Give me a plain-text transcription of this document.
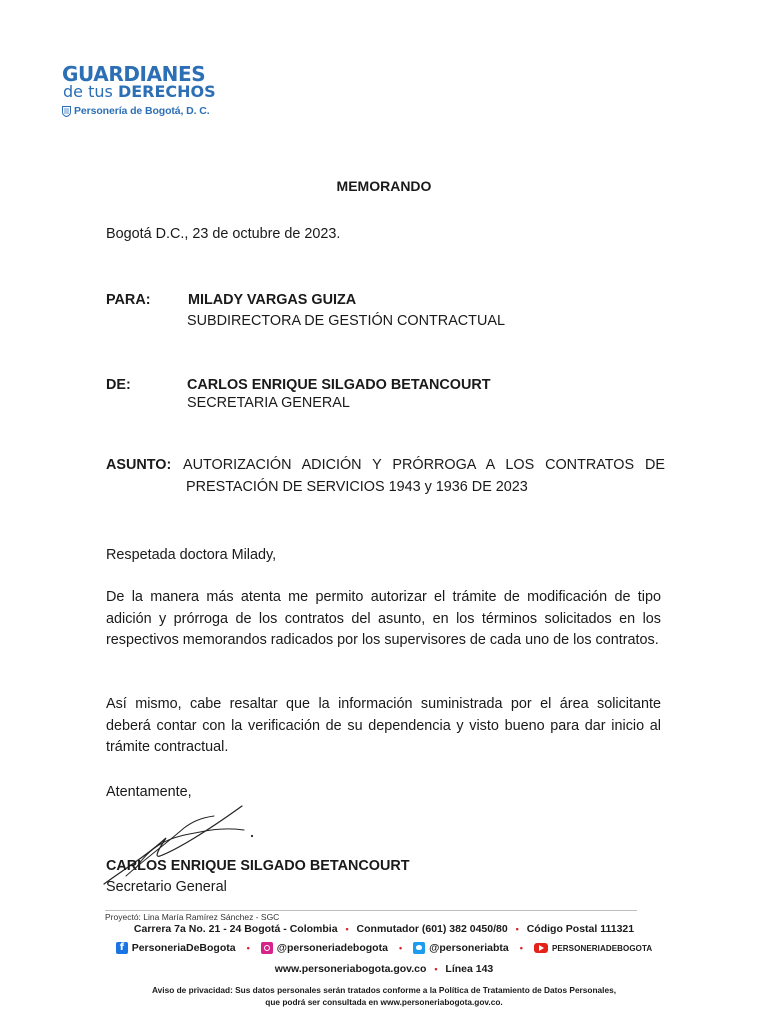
GUARDIANES
de tus DERECHOS
Personería de Bogotá, D. C.
MEMORANDO
Bogotá D.C., 23 de octubre de 2023.
PARA:	MILADY VARGAS GUIZA
SUBDIRECTORA DE GESTIÓN CONTRACTUAL
DE:	CARLOS ENRIQUE SILGADO BETANCOURT
SECRETARIA GENERAL
ASUNTO: AUTORIZACIÓN ADICIÓN Y PRÓRROGA A LOS CONTRATOS DE
PRESTACIÓN DE SERVICIOS 1943 y 1936 DE 2023
Respetada doctora Milady,
De la manera más atenta me permito autorizar el trámite de modificación de tipo adición y prórroga de los contratos del asunto, en los términos solicitados en los respectivos memorandos radicados por los supervisores de cada uno de los contratos.
Así mismo, cabe resaltar que la información suministrada por el área solicitante deberá contar con la verificación de su dependencia y visto bueno para dar inicio al trámite contractual.
Atentamente,
CARLOS ENRIQUE SILGADO BETANCOURT
Secretario General
Proyectó: Lina María Ramírez Sánchez - SGC
Carrera 7a No. 21 - 24 Bogotá - Colombia • Conmutador (601) 382 0450/80 • Código Postal 111321
f
PersoneriaDeBogota •	@personeriadebogota •	@personeriabta •	PERSONERIADEBOGOTA
www.personeriabogota.gov.co • Línea 143
Aviso de privacidad: Sus datos personales serán tratados conforme a la Política de Tratamiento de Datos Personales,
que podrá ser consultada en www.personeriabogota.gov.co.
